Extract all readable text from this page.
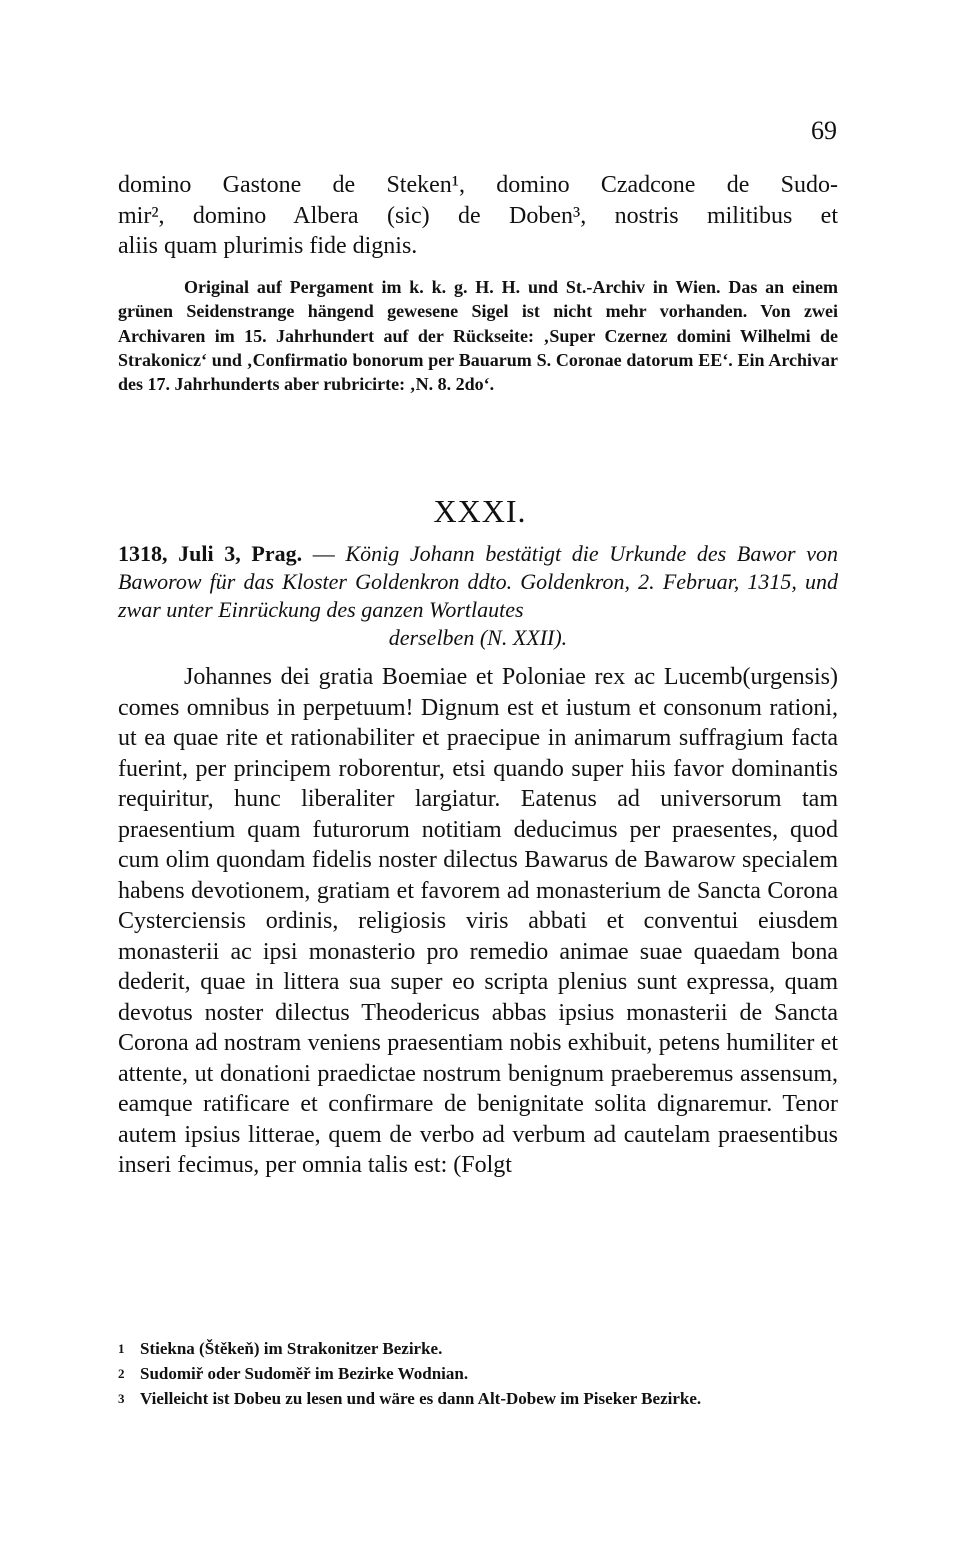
69

domino Gastone de Steken¹, domino Czadcone de Sudo-

mir², domino Albera (sic) de Doben³, nostris militibus et

aliis quam plurimis fide dignis.

Original auf Pergament im k. k. g. H. H. und St.-Archiv in Wien. Das an einem grünen Seidenstrange hängend gewesene Sigel ist nicht mehr vorhanden. Von zwei Archivaren im 15. Jahrhundert auf der Rückseite: ‚Super Czernez domini Wilhelmi de Strakonicz‘ und ‚Confirmatio bonorum per Bauarum S. Coronae datorum EE‘. Ein Archivar des 17. Jahrhunderts aber rubricirte: ‚N. 8. 2do‘.

XXXI.

1318, Juli 3, Prag. — König Johann bestätigt die Urkunde des Bawor von Baworow für das Kloster Goldenkron ddto. Goldenkron, 2. Februar, 1315, und zwar unter Einrückung des ganzen Wortlautes
derselben (N. XXII).

Johannes dei gratia Boemiae et Poloniae rex ac Lucemb(urgensis) comes omnibus in perpetuum! Dignum est et iustum et consonum rationi, ut ea quae rite et rationabiliter et praecipue in animarum suffragium facta fuerint, per principem roborentur, etsi quando super hiis favor dominantis requiritur, hunc liberaliter largiatur. Eatenus ad universorum tam praesentium quam futurorum notitiam deducimus per praesentes, quod cum olim quondam fidelis noster dilectus Bawarus de Bawarow specialem habens devotionem, gratiam et favorem ad monasterium de Sancta Corona Cysterciensis ordinis, religiosis viris abbati et conventui eiusdem monasterii ac ipsi monasterio pro remedio animae suae quaedam bona dederit, quae in littera sua super eo scripta plenius sunt expressa, quam devotus noster dilectus Theodericus abbas ipsius monasterii de Sancta Corona ad nostram veniens praesentiam nobis exhibuit, petens humiliter et attente, ut donationi praedictae nostrum benignum praeberemus assensum, eamque ratificare et confirmare de benignitate solita dignaremur. Tenor autem ipsius litterae, quem de verbo ad verbum ad cautelam praesentibus inseri fecimus, per omnia talis est: (Folgt

1 Stiekna (Štěkeň) im Strakonitzer Bezirke.

2 Sudomiř oder Sudoměř im Bezirke Wodnian.

3 Vielleicht ist Dobeu zu lesen und wäre es dann Alt-Dobew im Piseker Bezirke.
